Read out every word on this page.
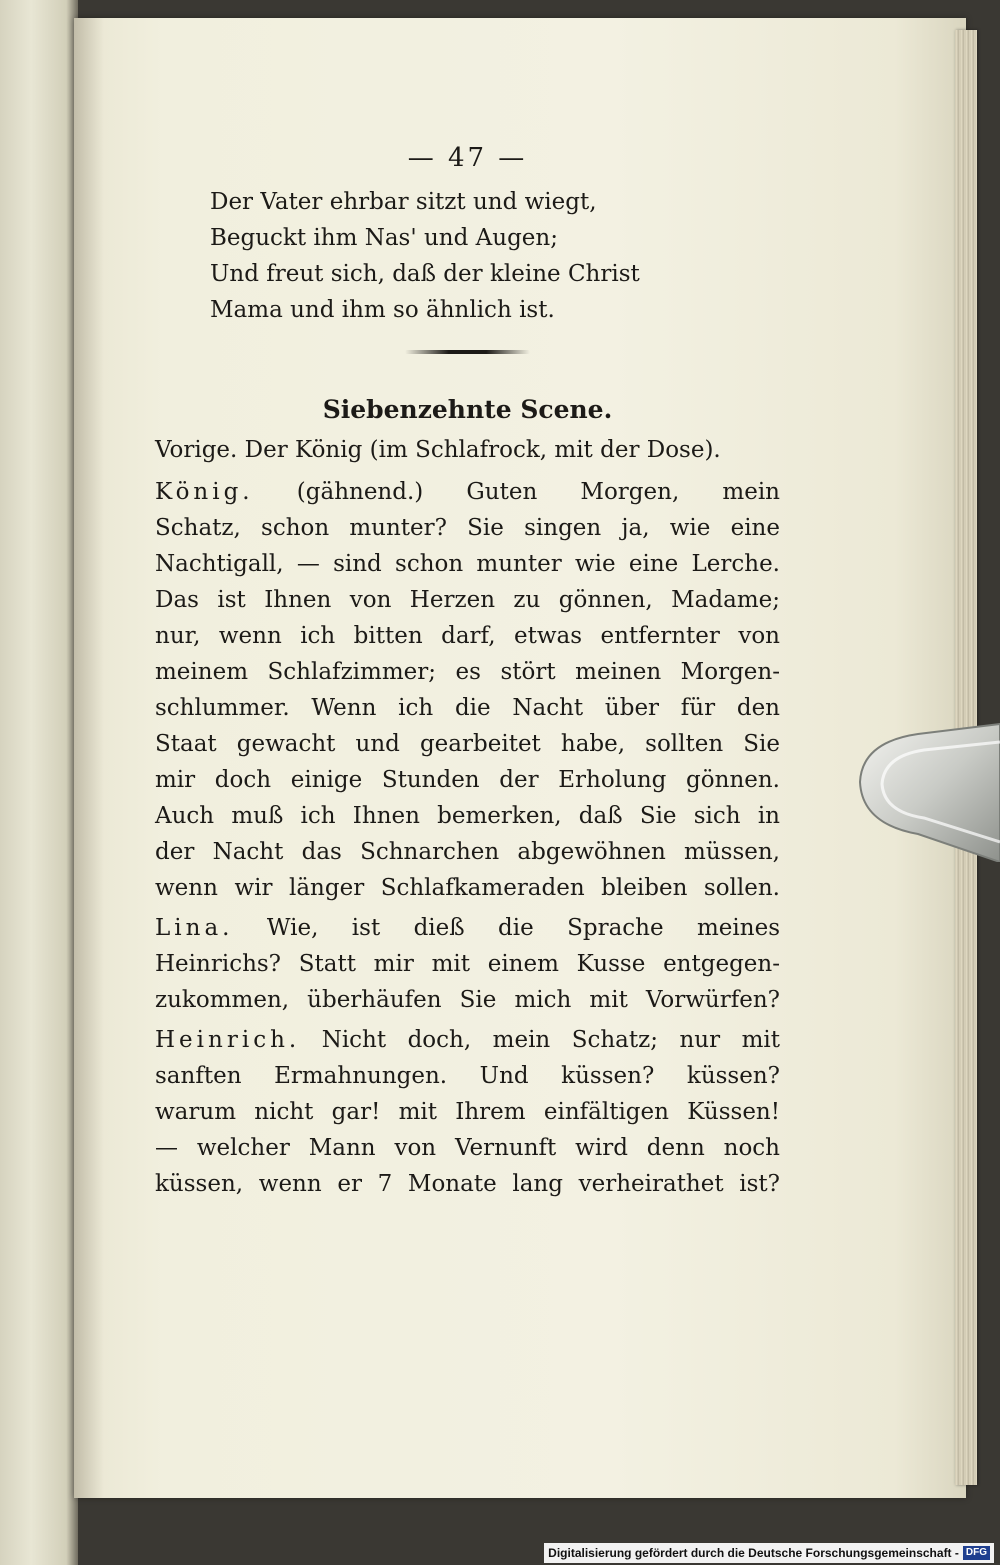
— 47 —
Der Vater ehrbar sitzt und wiegt,
Beguckt ihm Nas' und Augen;
Und freut sich, daß der kleine Christ
Mama und ihm so ähnlich ist.
Siebenzehnte Scene.
Vorige. Der König (im Schlafrock, mit der Dose).
König. (gähnend.) Guten Morgen, mein
Schatz, schon munter? Sie singen ja, wie eine
Nachtigall, — sind schon munter wie eine Lerche.
Das ist Ihnen von Herzen zu gönnen, Madame;
nur, wenn ich bitten darf, etwas entfernter von
meinem Schlafzimmer; es stört meinen Morgen-
schlummer. Wenn ich die Nacht über für den
Staat gewacht und gearbeitet habe, sollten Sie
mir doch einige Stunden der Erholung gönnen.
Auch muß ich Ihnen bemerken, daß Sie sich in
der Nacht das Schnarchen abgewöhnen müssen,
wenn wir länger Schlafkameraden bleiben sollen.
Lina. Wie, ist dieß die Sprache meines
Heinrichs? Statt mir mit einem Kusse entgegen-
zukommen, überhäufen Sie mich mit Vorwürfen?
Heinrich. Nicht doch, mein Schatz; nur mit
sanften Ermahnungen. Und küssen? küssen?
warum nicht gar! mit Ihrem einfältigen Küssen!
— welcher Mann von Vernunft wird denn noch
küssen, wenn er 7 Monate lang verheirathet ist?
Digitalisierung gefördert durch die Deutsche Forschungsgemeinschaft - DFG
